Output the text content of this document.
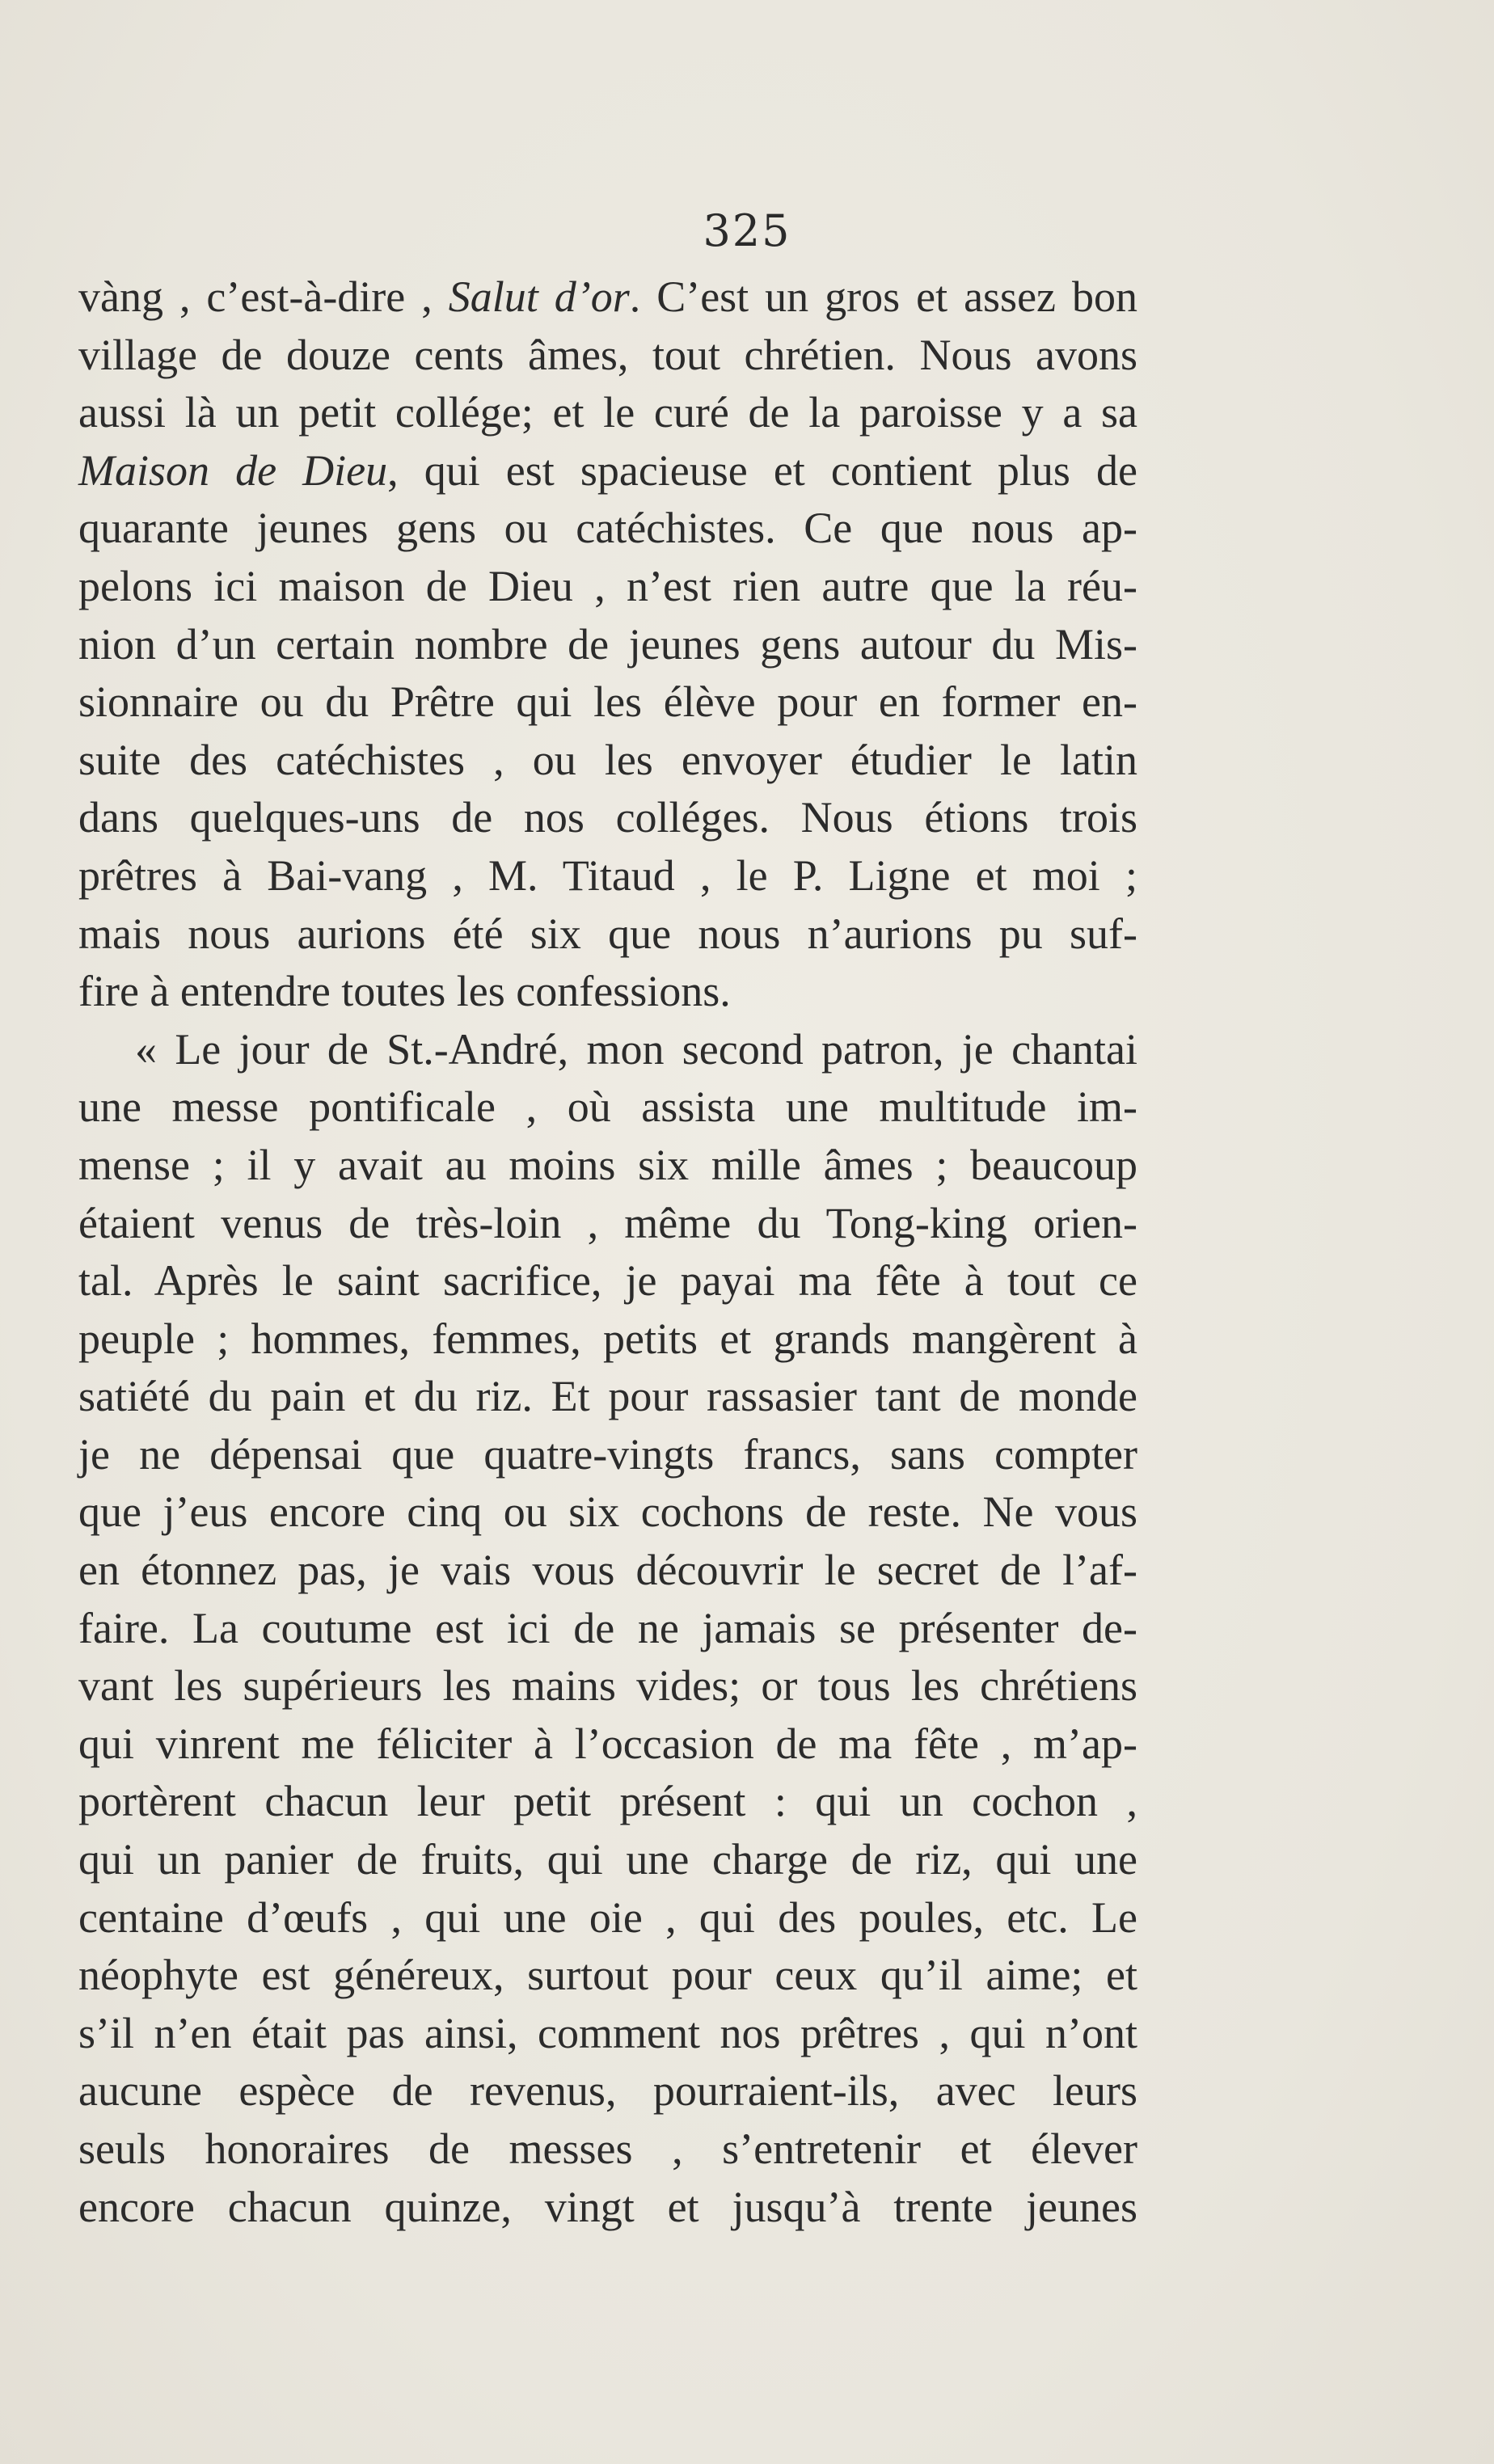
325
vàng , c’est-à-dire , Salut d’or. C’est un gros et assez bon
village de douze cents âmes, tout chrétien. Nous avons
aussi là un petit collége; et le curé de la paroisse y a sa
Maison de Dieu, qui est spacieuse et contient plus de
quarante jeunes gens ou catéchistes. Ce que nous ap-
pelons ici maison de Dieu , n’est rien autre que la réu-
nion d’un certain nombre de jeunes gens autour du Mis-
sionnaire ou du Prêtre qui les élève pour en former en-
suite des catéchistes , ou les envoyer étudier le latin
dans quelques-uns de nos colléges. Nous étions trois
prêtres à Bai-vang , M. Titaud , le P. Ligne et moi ;
mais nous aurions été six que nous n’aurions pu suf-
fire à entendre toutes les confessions.
« Le jour de St.-André, mon second patron, je chantai
une messe pontificale , où assista une multitude im-
mense ; il y avait au moins six mille âmes ; beaucoup
étaient venus de très-loin , même du Tong-king orien-
tal. Après le saint sacrifice, je payai ma fête à tout ce
peuple ; hommes, femmes, petits et grands mangèrent à
satiété du pain et du riz. Et pour rassasier tant de monde
je ne dépensai que quatre-vingts francs, sans compter
que j’eus encore cinq ou six cochons de reste. Ne vous
en étonnez pas, je vais vous découvrir le secret de l’af-
faire. La coutume est ici de ne jamais se présenter de-
vant les supérieurs les mains vides; or tous les chrétiens
qui vinrent me féliciter à l’occasion de ma fête , m’ap-
portèrent chacun leur petit présent : qui un cochon ,
qui un panier de fruits, qui une charge de riz, qui une
centaine d’œufs , qui une oie , qui des poules, etc. Le
néophyte est généreux, surtout pour ceux qu’il aime; et
s’il n’en était pas ainsi, comment nos prêtres , qui n’ont
aucune espèce de revenus, pourraient-ils, avec leurs
seuls honoraires de messes , s’entretenir et élever
encore chacun quinze, vingt et jusqu’à trente jeunes
